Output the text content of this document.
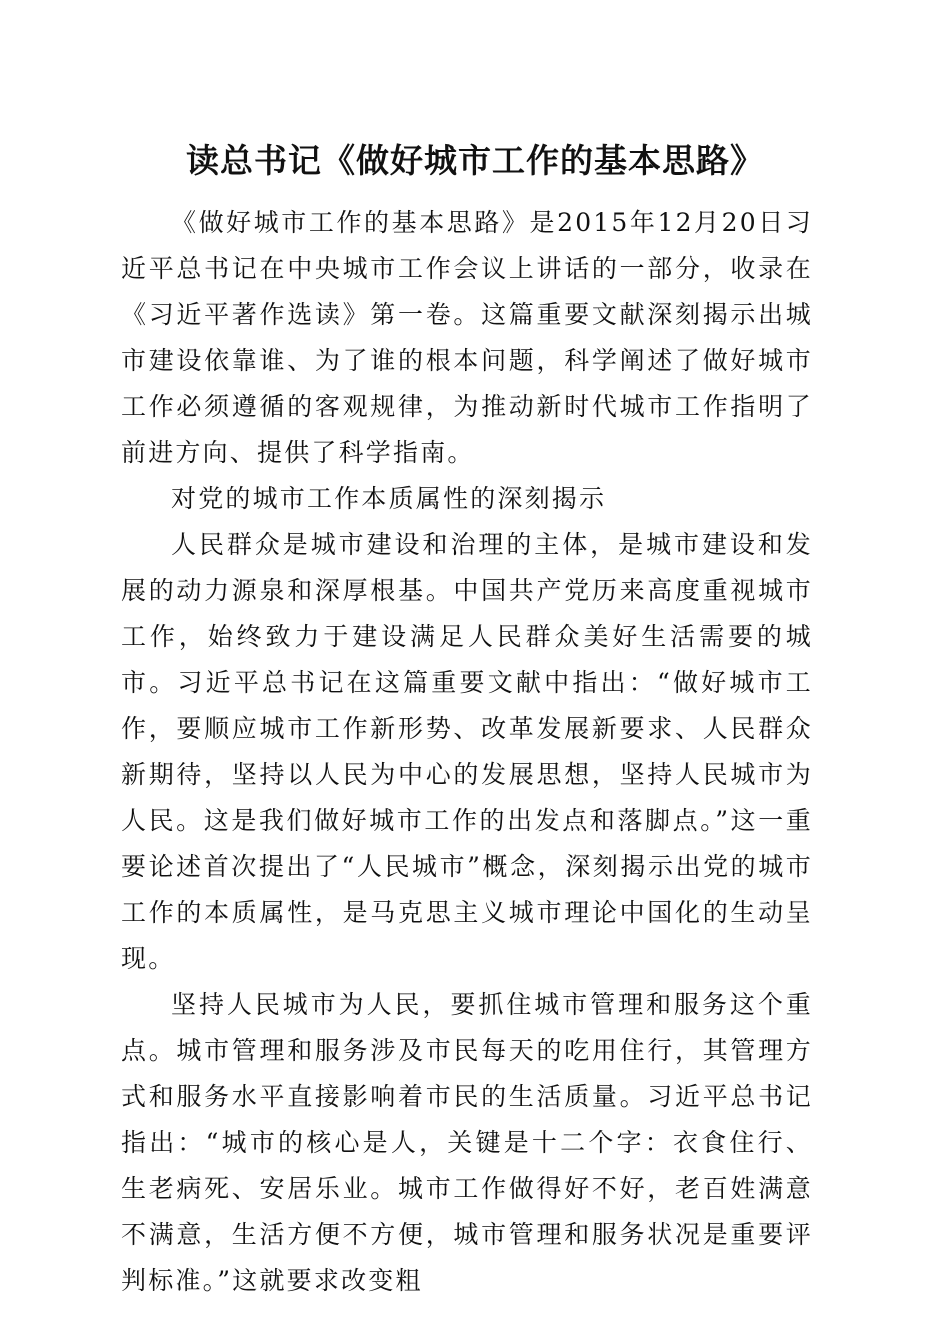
读总书记《做好城市工作的基本思路》

《做好城市工作的基本思路》是2015年12月20日习近平总书记在中央城市工作会议上讲话的一部分，收录在《习近平著作选读》第一卷。这篇重要文献深刻揭示出城市建设依靠谁、为了谁的根本问题，科学阐述了做好城市工作必须遵循的客观规律，为推动新时代城市工作指明了前进方向、提供了科学指南。

对党的城市工作本质属性的深刻揭示

人民群众是城市建设和治理的主体，是城市建设和发展的动力源泉和深厚根基。中国共产党历来高度重视城市工作，始终致力于建设满足人民群众美好生活需要的城市。习近平总书记在这篇重要文献中指出：“做好城市工作，要顺应城市工作新形势、改革发展新要求、人民群众新期待，坚持以人民为中心的发展思想，坚持人民城市为人民。这是我们做好城市工作的出发点和落脚点。”这一重要论述首次提出了“人民城市”概念，深刻揭示出党的城市工作的本质属性，是马克思主义城市理论中国化的生动呈现。

坚持人民城市为人民，要抓住城市管理和服务这个重点。城市管理和服务涉及市民每天的吃用住行，其管理方式和服务水平直接影响着市民的生活质量。习近平总书记指出：“城市的核心是人，关键是十二个字：衣食住行、生老病死、安居乐业。城市工作做得好不好，老百姓满意不满意，生活方便不方便，城市管理和服务状况是重要评判标准。”这就要求改变粗
